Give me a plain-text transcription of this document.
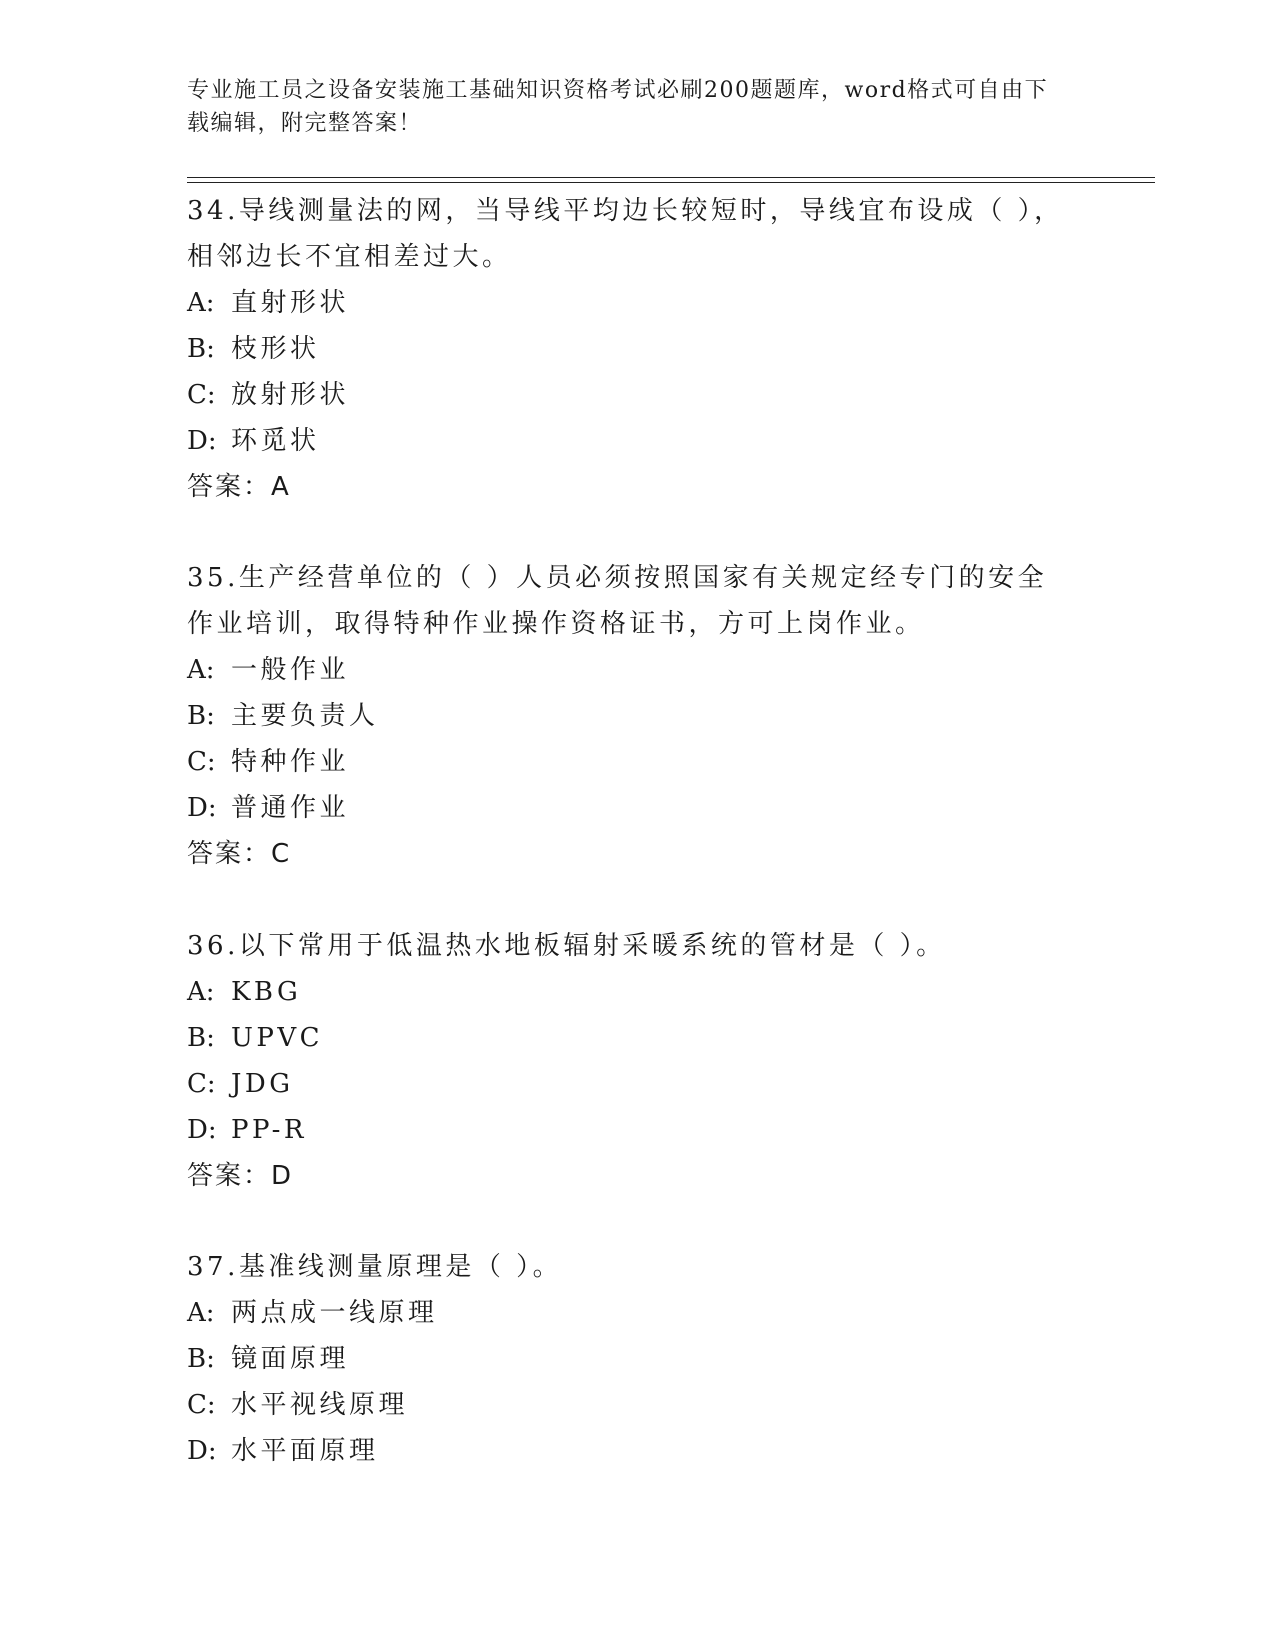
专业施工员之设备安装施工基础知识资格考试必刷200题题库，word格式可自由下载编辑，附完整答案！

34.导线测量法的网，当导线平均边长较短时，导线宜布设成（ ），相邻边长不宜相差过大。

A: 直射形状
B: 枝形状
C: 放射形状
D: 环觅状
答案：A

35.生产经营单位的（ ）人员必须按照国家有关规定经专门的安全作业培训，取得特种作业操作资格证书，方可上岗作业。

A: 一般作业
B: 主要负责人
C: 特种作业
D: 普通作业
答案：C

36.以下常用于低温热水地板辐射采暖系统的管材是（ ）。

A: KBG
B: UPVC
C: JDG
D: PP-R
答案：D

37.基准线测量原理是（ ）。

A: 两点成一线原理
B: 镜面原理
C: 水平视线原理
D: 水平面原理
